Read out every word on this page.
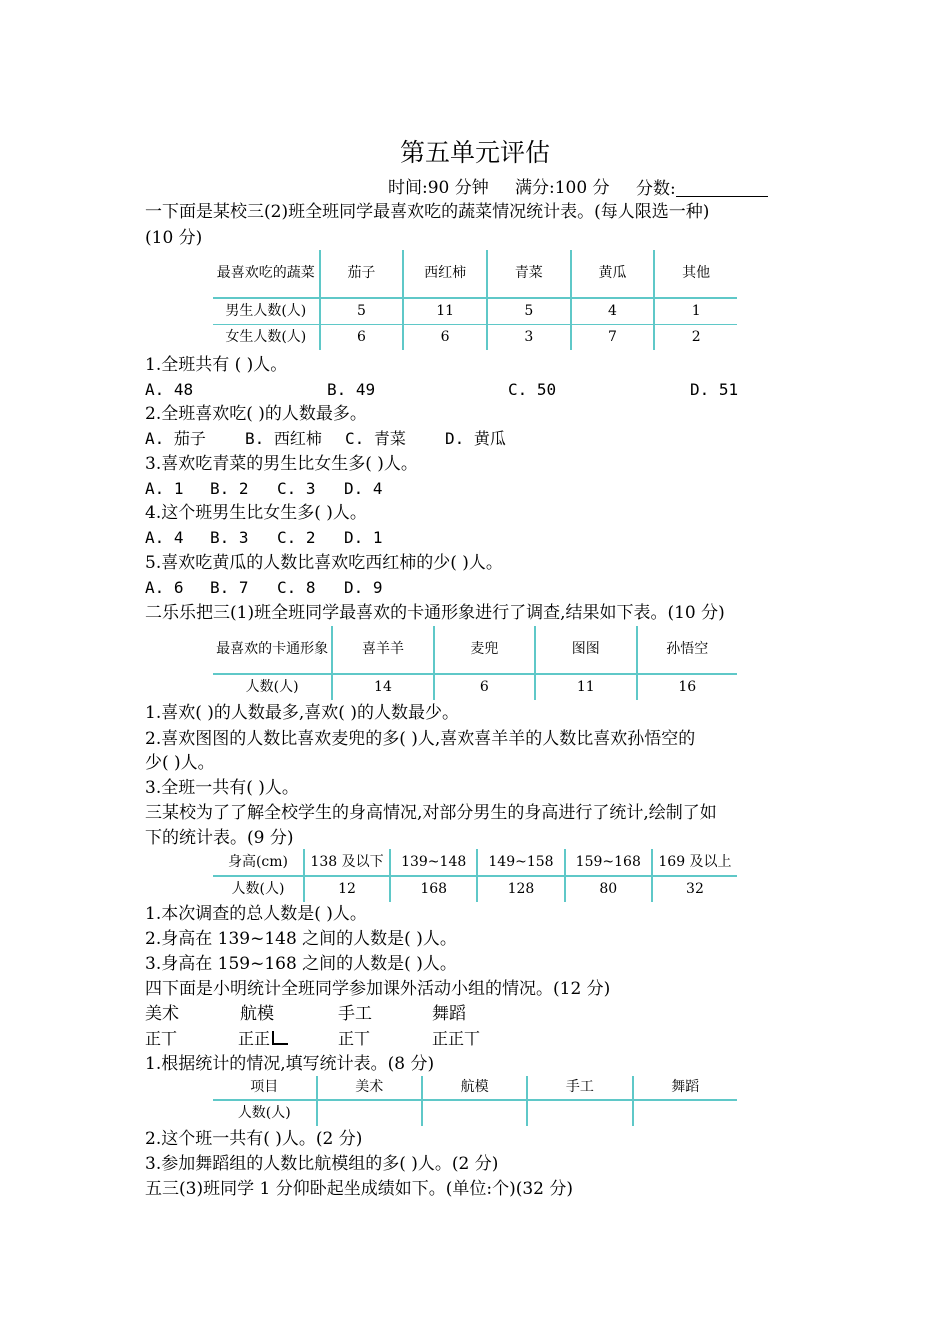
第五单元评估
时间:90 分钟 满分:100 分 分数:
一下面是某校三(2)班全班同学最喜欢吃的蔬菜情况统计表。(每人限选一种)
(10 分)
最喜欢吃的蔬菜	茄子	西红柿	青菜	黄瓜	其他
男生人数(人)	5	11	5	4	1
女生人数(人)	6	6	3	7	2
1.全班共有 ( )人。
A. 48	B. 49	C. 50	D. 51
2.全班喜欢吃( )的人数最多。
A. 茄子 B. 西红柿 C. 青菜 D. 黄瓜
3.喜欢吃青菜的男生比女生多( )人。
A. 1 B. 2 C. 3 D. 4
4.这个班男生比女生多( )人。
A. 4 B. 3 C. 2 D. 1
5.喜欢吃黄瓜的人数比喜欢吃西红柿的少( )人。
A. 6 B. 7 C. 8 D. 9
二乐乐把三(1)班全班同学最喜欢的卡通形象进行了调查,结果如下表。(10 分)
最喜欢的卡通形象	喜羊羊	麦兜	图图	孙悟空
人数(人)	14	6	11	16
1.喜欢( )的人数最多,喜欢( )的人数最少。
2.喜欢图图的人数比喜欢麦兜的多( )人,喜欢喜羊羊的人数比喜欢孙悟空的
少( )人。
3.全班一共有( )人。
三某校为了了解全校学生的身高情况,对部分男生的身高进行了统计,绘制了如
下的统计表。(9 分)
身高(cm)	138 及以下	139~148	149~158	159~168	169 及以上
人数(人)	12	168	128	80	32
1.本次调查的总人数是( )人。
2.身高在 139~148 之间的人数是( )人。
3.身高在 159~168 之间的人数是( )人。
四下面是小明统计全班同学参加课外活动小组的情况。(12 分)
美术	航模	手工	舞蹈
正丅	正正	正丅	正正丅
1.根据统计的情况,填写统计表。(8 分)
项目	美术	航模	手工	舞蹈
人数(人)				
2.这个班一共有( )人。(2 分)
3.参加舞蹈组的人数比航模组的多( )人。(2 分)
五三(3)班同学 1 分仰卧起坐成绩如下。(单位:个)(32 分)
